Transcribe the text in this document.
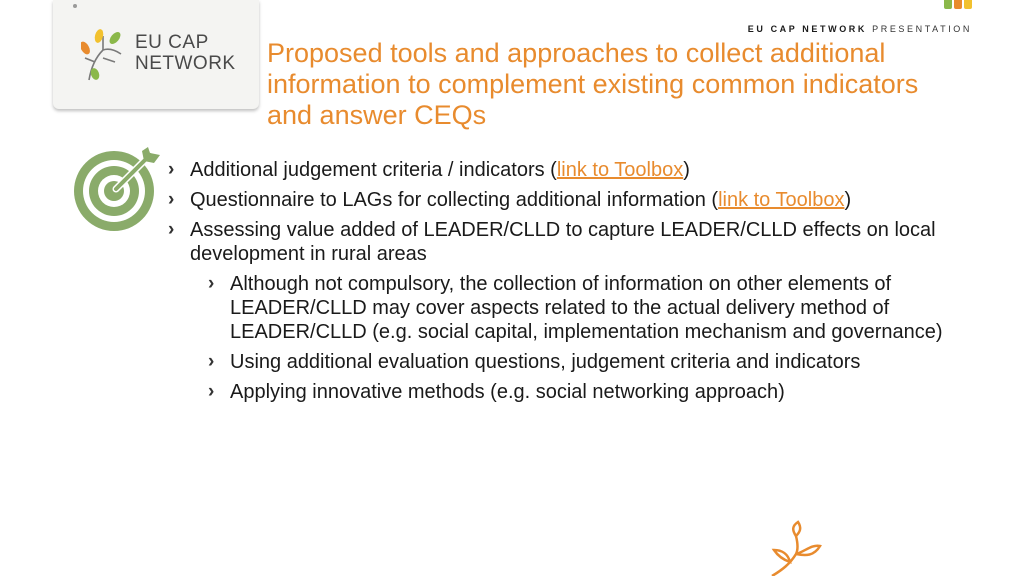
EU CAP
NETWORK
EU CAP NETWORK PRESENTATION
Proposed tools and approaches to collect additional information to complement existing common indicators and answer CEQs
› Additional judgement criteria / indicators (link to Toolbox)
› Questionnaire to LAGs for collecting additional information (link to Toolbox)
› Assessing value added of LEADER/CLLD to capture LEADER/CLLD effects on local development in rural areas
› Although not compulsory, the collection of information on other elements of LEADER/CLLD may cover aspects related to the actual delivery method of LEADER/CLLD (e.g. social capital, implementation mechanism and governance)
› Using additional evaluation questions, judgement criteria and indicators
› Applying innovative methods (e.g. social networking approach)
